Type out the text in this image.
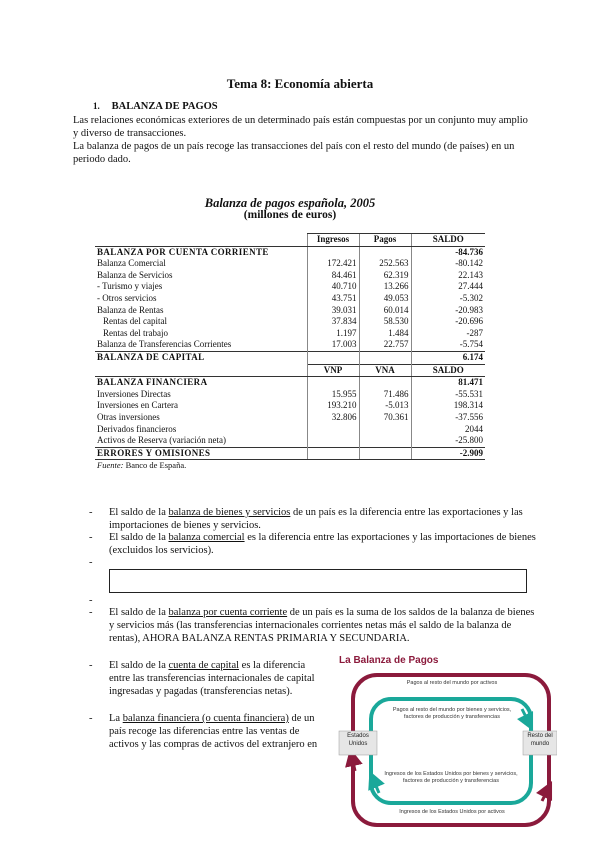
Tema 8: Economía abierta
1. BALANZA DE PAGOS
Las relaciones económicas exteriores de un determinado país están compuestas por un conjunto muy amplio y diverso de transacciones.
La balanza de pagos de un país recoge las transacciones del país con el resto del mundo (de países) en un periodo dado.
Balanza de pagos española, 2005
(millones de euros)
	Ingresos	Pagos	SALDO
BALANZA POR CUENTA CORRIENTE			-84.736
Balanza Comercial	172.421	252.563	-80.142
Balanza de Servicios	84.461	62.319	22.143
- Turismo y viajes	40.710	13.266	27.444
- Otros servicios	43.751	49.053	-5.302
Balanza de Rentas	39.031	60.014	-20.983
Rentas del capital	37.834	58.530	-20.696
Rentas del trabajo	1.197	1.484	-287
Balanza de Transferencias Corrientes	17.003	22.757	-5.754
BALANZA DE CAPITAL			6.174
	VNP	VNA	SALDO
BALANZA FINANCIERA			81.471
Inversiones Directas	15.955	71.486	-55.531
Inversiones en Cartera	193.210	-5.013	198.314
Otras inversiones	32.806	70.361	-37.556
Derivados financieros			2044
Activos de Reserva (variación neta)			-25.800
ERRORES Y OMISIONES			-2.909
Fuente: Banco de España.			
- El saldo de la balanza de bienes y servicios de un país es la diferencia entre las exportaciones y las importaciones de bienes y servicios.
- El saldo de la balanza comercial es la diferencia entre las exportaciones y las importaciones de bienes (excluidos los servicios).
-
-
- El saldo de la balanza por cuenta corriente de un país es la suma de los saldos de la balanza de bienes y servicios más (las transferencias internacionales corrientes netas más el saldo de la balanza de rentas), AHORA BALANZA RENTAS PRIMARIA Y SECUNDARIA.
- El saldo de la cuenta de capital es la diferencia entre las transferencias internacionales de capital ingresadas y pagadas (transferencias netas).
- La balanza financiera (o cuenta financiera) de un país recoge las diferencias entre las ventas de activos y las compras de activos del extranjero en
La Balanza de Pagos
Estados Unidos
Resto del mundo
Pagos al resto del mundo por activos
Pagos al resto del mundo por bienes y servicios, factores de producción y transferencias
Ingresos de los Estados Unidos por bienes y servicios, factores de producción y transferencias
Ingresos de los Estados Unidos por activos
